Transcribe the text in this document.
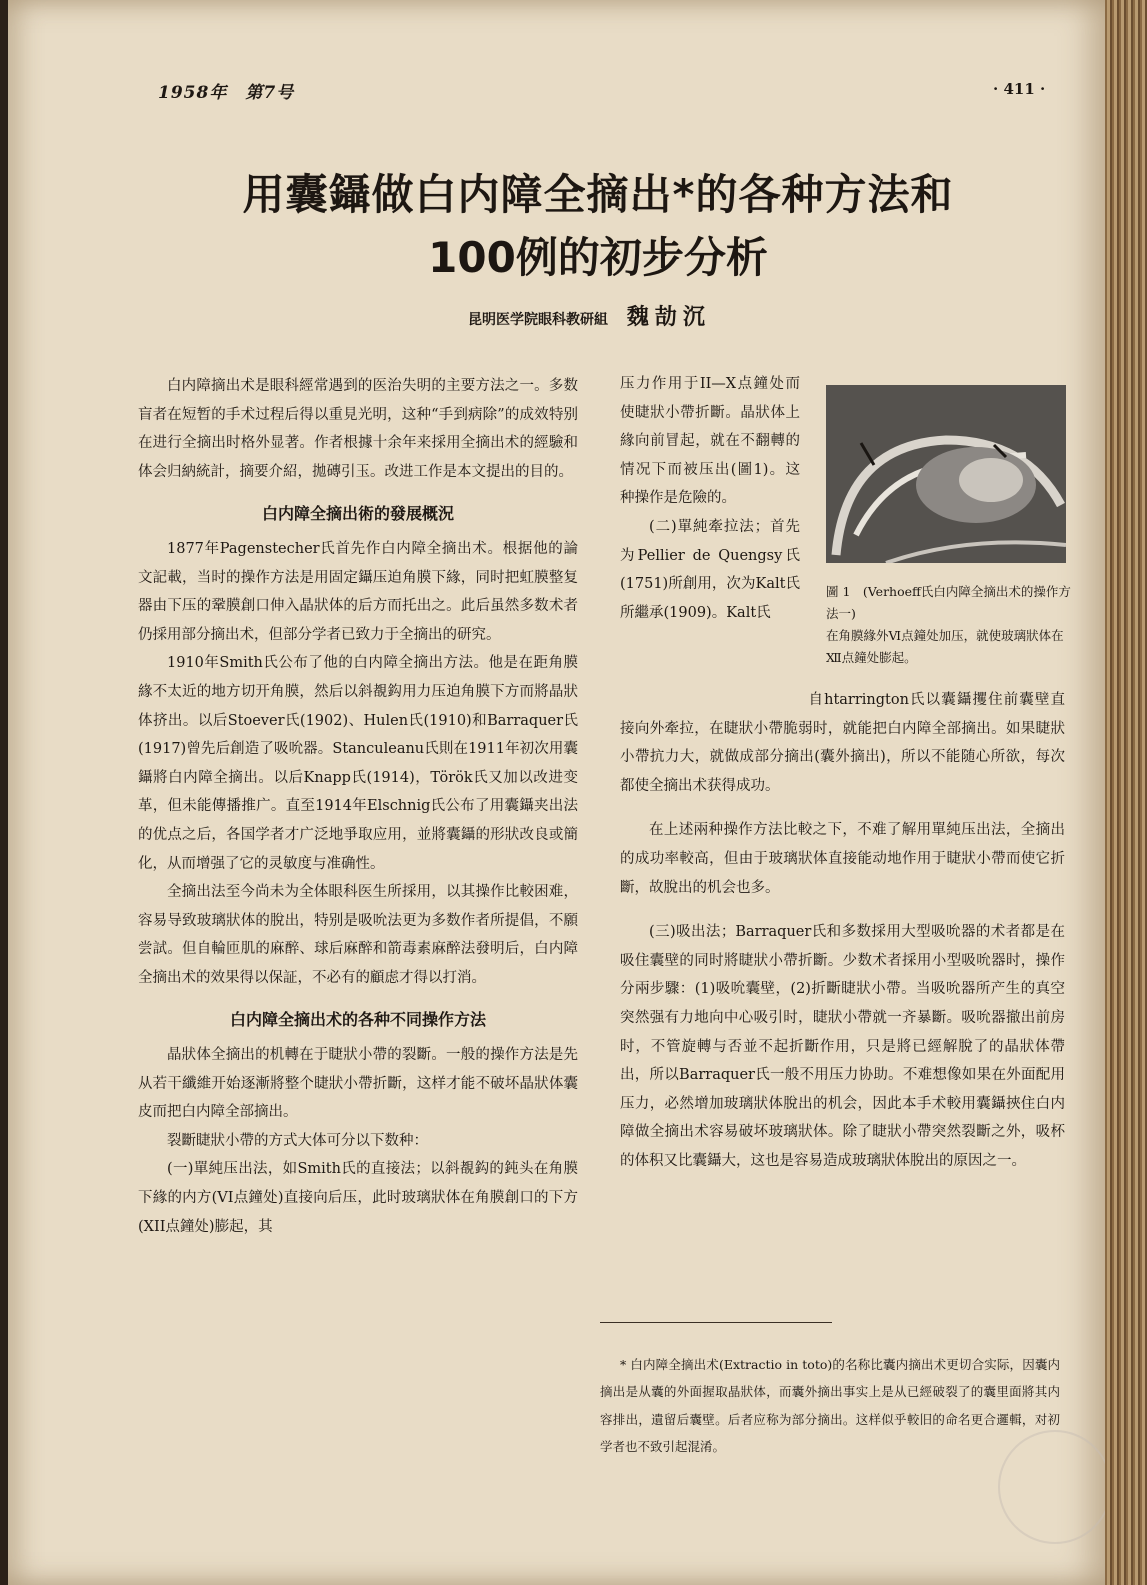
1958年　第7号	· 411 ·
用囊鑷做白内障全摘出*的各种方法和
100例的初步分析
昆明医学院眼科教研組 魏劼沉

白内障摘出术是眼科經常遇到的医治失明的主要方法之一。多数盲者在短暂的手术过程后得以重見光明，这种“手到病除”的成效特别在进行全摘出时格外显著。作者根據十余年来採用全摘出术的經驗和体会归納統計，摘要介紹，拋磚引玉。改进工作是本文提出的目的。

白内障全摘出術的發展概況

1877年Pagenstecher氏首先作白内障全摘出术。根据他的論文記載，当时的操作方法是用固定鑷压迫角膜下緣，同时把虹膜整复器由下压的鞏膜創口伸入晶狀体的后方而托出之。此后虽然多数术者仍採用部分摘出术，但部分学者已致力于全摘出的研究。

1910年Smith氏公布了他的白内障全摘出方法。他是在距角膜緣不太近的地方切开角膜，然后以斜覩鈎用力压迫角膜下方而將晶狀体挤出。以后Stoever氏(1902)、Hulen氏(1910)和Barraquer氏(1917)曾先后創造了吸吮器。Stanculeanu氏則在1911年初次用囊鑷將白内障全摘出。以后Knapp氏(1914)，Török氏又加以改进变革，但未能傳播推广。直至1914年Elschnig氏公布了用囊鑷夹出法的优点之后，各国学者才广泛地爭取应用，並將囊鑷的形狀改良或簡化，从而增强了它的灵敏度与准确性。

全摘出法至今尚未为全体眼科医生所採用，以其操作比較困难，容易导致玻璃狀体的脫出，特别是吸吮法更为多数作者所提倡，不願尝試。但自輪匝肌的麻醉、球后麻醉和箭毒素麻醉法發明后，白内障全摘出术的效果得以保証，不必有的顧虑才得以打消。

白内障全摘出术的各种不同操作方法

晶狀体全摘出的机轉在于睫狀小帶的裂斷。一般的操作方法是先从若干纖維开始逐漸將整个睫狀小帶折斷，这样才能不破坏晶狀体囊皮而把白内障全部摘出。

裂斷睫狀小帶的方式大体可分以下数种：

(一)單純压出法，如Smith氏的直接法；以斜覩鈎的鈍头在角膜下緣的内方(VI点鐘处)直接向后压，此时玻璃狀体在角膜創口的下方(XII点鐘处)膨起，其

压力作用于II—X点鐘处而使睫狀小帶折斷。晶狀体上緣向前冒起，就在不翻轉的情况下而被压出(圖1)。这种操作是危險的。

(二)單純牽拉法；首先为Pellier de Quengsy氏(1751)所創用，次为Kalt氏所繼承(1909)。Kalt氏

圖 1　(Verhoeff氏白内障全摘出术的操作方法一)
在角膜緣外Ⅵ点鐘处加压，就使玻璃狀体在Ⅻ点鐘处膨起。

自htarrington氏以囊鑷攫住前囊壁直接向外牽拉，在睫狀小帶脆弱时，就能把白内障全部摘出。如果睫狀小帶抗力大，就做成部分摘出(囊外摘出)，所以不能随心所欲，每次都使全摘出术获得成功。

在上述兩种操作方法比較之下，不难了解用單純压出法，全摘出的成功率較高，但由于玻璃狀体直接能动地作用于睫狀小帶而使它折斷，故脫出的机会也多。

(三)吸出法；Barraquer氏和多数採用大型吸吮器的术者都是在吸住囊壁的同时將睫狀小帶折斷。少数术者採用小型吸吮器时，操作分兩步驟：(1)吸吮囊壁，(2)折斷睫狀小帶。当吸吮器所产生的真空突然强有力地向中心吸引时，睫狀小帶就一齐暴斷。吸吮器撤出前房时，不管旋轉与否並不起折斷作用，只是將已經解脫了的晶狀体帶出，所以Barraquer氏一般不用压力协助。不难想像如果在外面配用压力，必然增加玻璃狀体脫出的机会，因此本手术較用囊鑷挾住白内障做全摘出术容易破坏玻璃狀体。除了睫狀小帶突然裂斷之外，吸杯的体积又比囊鑷大，这也是容易造成玻璃狀体脫出的原因之一。

* 白内障全摘出术(Extractio in toto)的名称比囊内摘出术更切合实际，因囊内摘出是从囊的外面握取晶狀体，而囊外摘出事实上是从已經破裂了的囊里面將其内容排出，遺留后囊壁。后者应称为部分摘出。这样似乎較旧的命名更合邏輯，对初学者也不致引起混淆。
